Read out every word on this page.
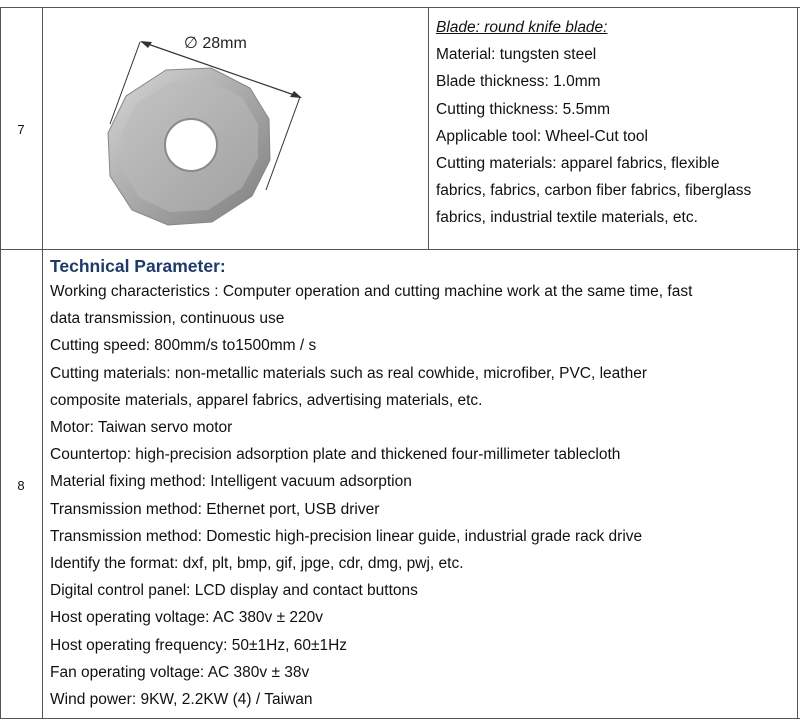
7
∅ 28mm
Blade: round knife blade:
Material: tungsten steel
Blade thickness: 1.0mm
Cutting thickness: 5.5mm
Applicable tool: Wheel-Cut tool
Cutting materials: apparel fabrics, flexible
fabrics, fabrics, carbon fiber fabrics, fiberglass
fabrics, industrial textile materials, etc.
8
Technical Parameter:
Working characteristics : Computer operation and cutting machine work at the same time, fast
data transmission, continuous use
Cutting speed: 800mm/s to1500mm / s
Cutting materials: non-metallic materials such as real cowhide, microfiber, PVC, leather
composite materials, apparel fabrics, advertising materials, etc.
Motor: Taiwan servo motor
Countertop: high-precision adsorption plate and thickened four-millimeter tablecloth
Material fixing method: Intelligent vacuum adsorption
Transmission method: Ethernet port, USB driver
Transmission method: Domestic high-precision linear guide, industrial grade rack drive
Identify the format: dxf, plt, bmp, gif, jpge, cdr, dmg, pwj, etc.
Digital control panel: LCD display and contact buttons
Host operating voltage: AC 380v ± 220v
Host operating frequency: 50±1Hz, 60±1Hz
Fan operating voltage: AC 380v ± 38v
Wind power: 9KW, 2.2KW (4) / Taiwan
